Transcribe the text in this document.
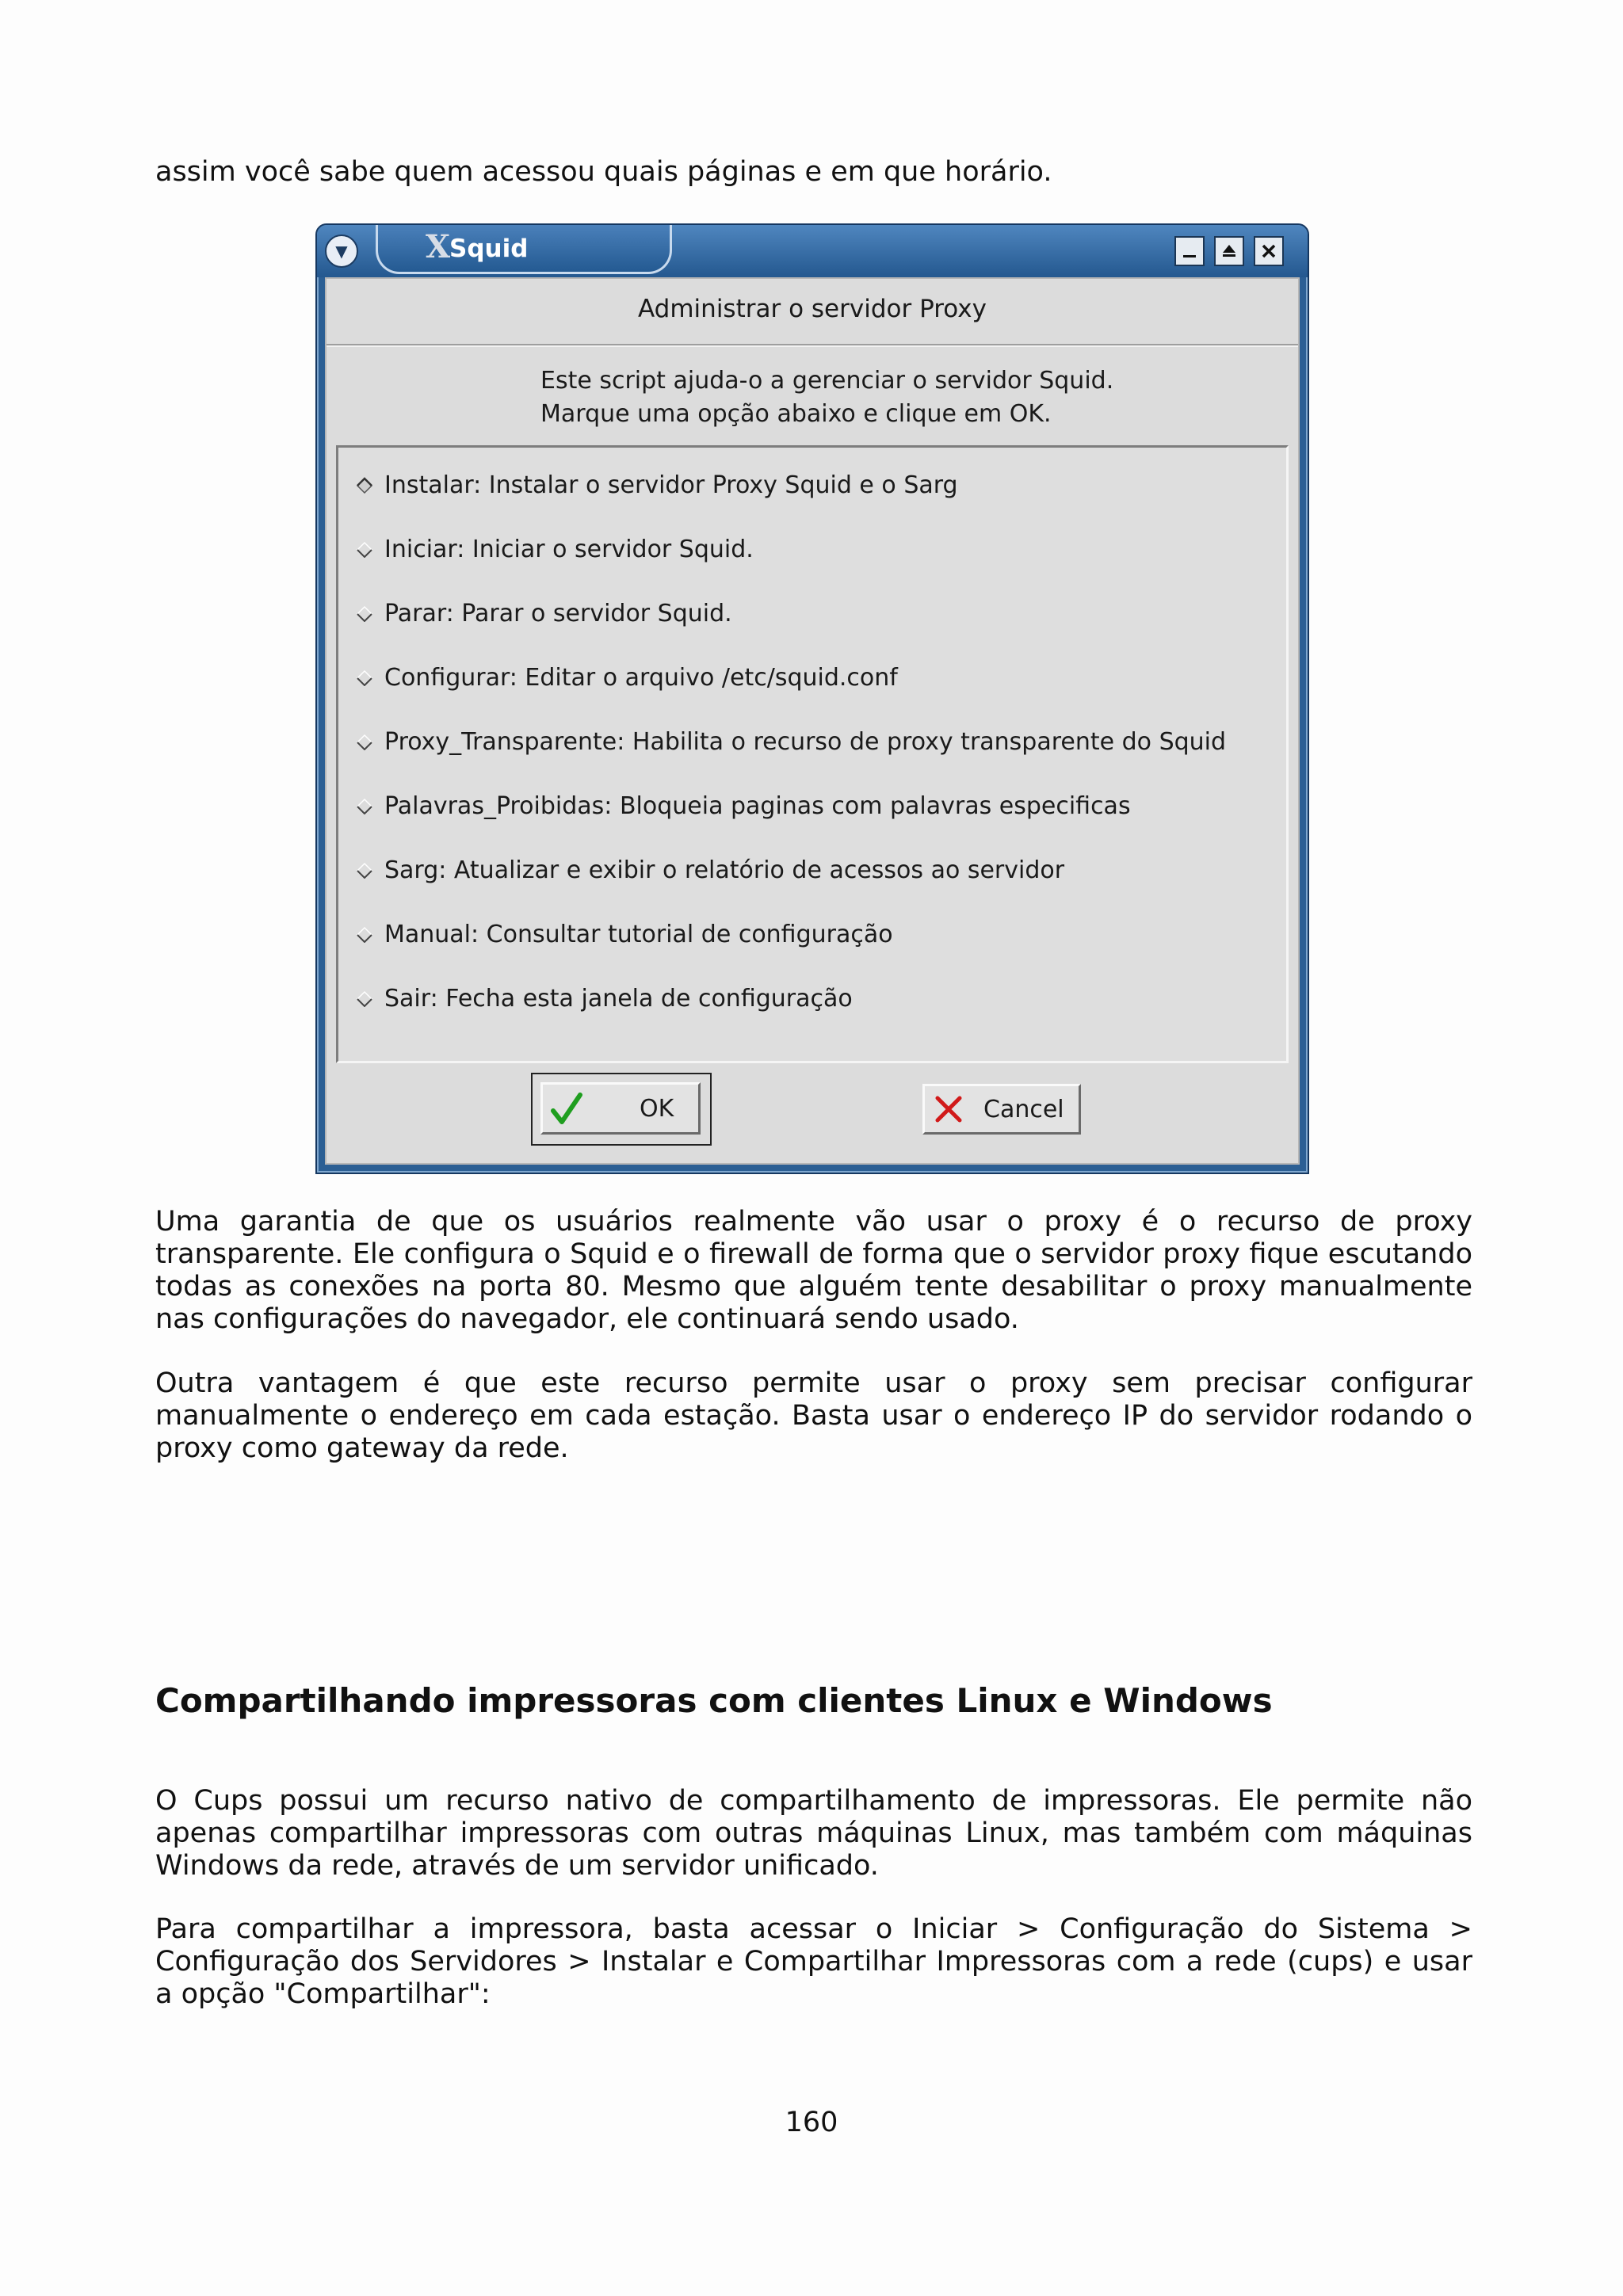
assim você sabe quem acessou quais páginas e em que horário.

▼	X
Squid
Administrar o servidor Proxy
Este script ajuda-o a gerenciar o servidor Squid.
Marque uma opção abaixo e clique em OK.
Instalar: Instalar o servidor Proxy Squid e o Sarg
Iniciar: Iniciar o servidor Squid.
Parar: Parar o servidor Squid.
Configurar: Editar o arquivo /etc/squid.conf
Proxy_Transparente: Habilita o recurso de proxy transparente do Squid
Palavras_Proibidas: Bloqueia paginas com palavras especificas
Sarg: Atualizar e exibir o relatório de acessos ao servidor
Manual: Consultar tutorial de configuração
Sair: Fecha esta janela de configuração
OK	Cancel

Uma garantia de que os usuários realmente vão usar o proxy é o recurso de proxy transparente. Ele configura o Squid e o firewall de forma que o servidor proxy fique escutando todas as conexões na porta 80. Mesmo que alguém tente desabilitar o proxy manualmente nas configurações do navegador, ele continuará sendo usado.

Outra vantagem é que este recurso permite usar o proxy sem precisar configurar manualmente o endereço em cada estação. Basta usar o endereço IP do servidor rodando o proxy como gateway da rede.

Compartilhando impressoras com clientes Linux e Windows

O Cups possui um recurso nativo de compartilhamento de impressoras. Ele permite não apenas compartilhar impressoras com outras máquinas Linux, mas também com máquinas Windows da rede, através de um servidor unificado.

Para compartilhar a impressora, basta acessar o Iniciar > Configuração do Sistema > Configuração dos Servidores > Instalar e Compartilhar Impressoras com a rede (cups) e usar a opção "Compartilhar":

160
